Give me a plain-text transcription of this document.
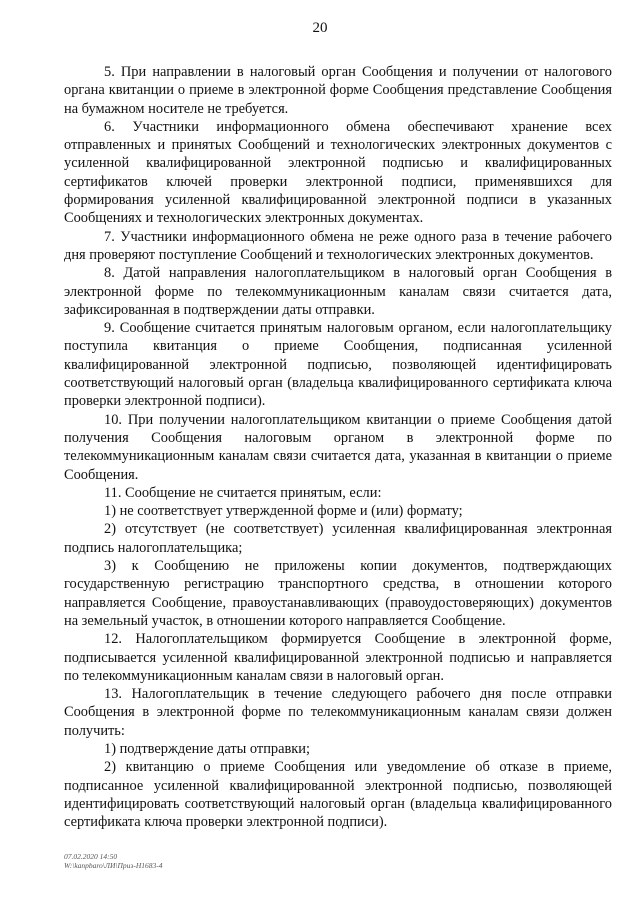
20

5. При направлении в налоговый орган Сообщения и получении от налогового органа квитанции о приеме в электронной форме Сообщения представление Сообщения на бумажном носителе не требуется.

6. Участники информационного обмена обеспечивают хранение всех отправленных и принятых Сообщений и технологических электронных документов с усиленной квалифицированной электронной подписью и квалифицированных сертификатов ключей проверки электронной подписи, применявшихся для формирования усиленной квалифицированной электронной подписи в указанных Сообщениях и технологических электронных документах.

7. Участники информационного обмена не реже одного раза в течение рабочего дня проверяют поступление Сообщений и технологических электронных документов.

8. Датой направления налогоплательщиком в налоговый орган Сообщения в электронной форме по телекоммуникационным каналам связи считается дата, зафиксированная в подтверждении даты отправки.

9. Сообщение считается принятым налоговым органом, если налогоплательщику поступила квитанция о приеме Сообщения, подписанная усиленной квалифицированной электронной подписью, позволяющей идентифицировать соответствующий налоговый орган (владельца квалифицированного сертификата ключа проверки электронной подписи).

10. При получении налогоплательщиком квитанции о приеме Сообщения датой получения Сообщения налоговым органом в электронной форме по телекоммуникационным каналам связи считается дата, указанная в квитанции о приеме Сообщения.

11. Сообщение не считается принятым, если:

1) не соответствует утвержденной форме и (или) формату;

2) отсутствует (не соответствует) усиленная квалифицированная электронная подпись налогоплательщика;

3) к Сообщению не приложены копии документов, подтверждающих государственную регистрацию транспортного средства, в отношении которого направляется Сообщение, правоустанавливающих (правоудостоверяющих) документов на земельный участок, в отношении которого направляется Сообщение.

12. Налогоплательщиком формируется Сообщение в электронной форме, подписывается усиленной квалифицированной электронной подписью и направляется по телекоммуникационным каналам связи в налоговый орган.

13. Налогоплательщик в течение следующего рабочего дня после отправки Сообщения в электронной форме по телекоммуникационным каналам связи должен получить:

1) подтверждение даты отправки;

2) квитанцию о приеме Сообщения или уведомление об отказе в приеме, подписанное усиленной квалифицированной электронной подписью, позволяющей идентифицировать соответствующий налоговый орган (владельца квалифицированного сертификата ключа проверки электронной подписи).

07.02.2020 14:50
W:\kanpbaro\ЛИ\Приз-Н1683-4
